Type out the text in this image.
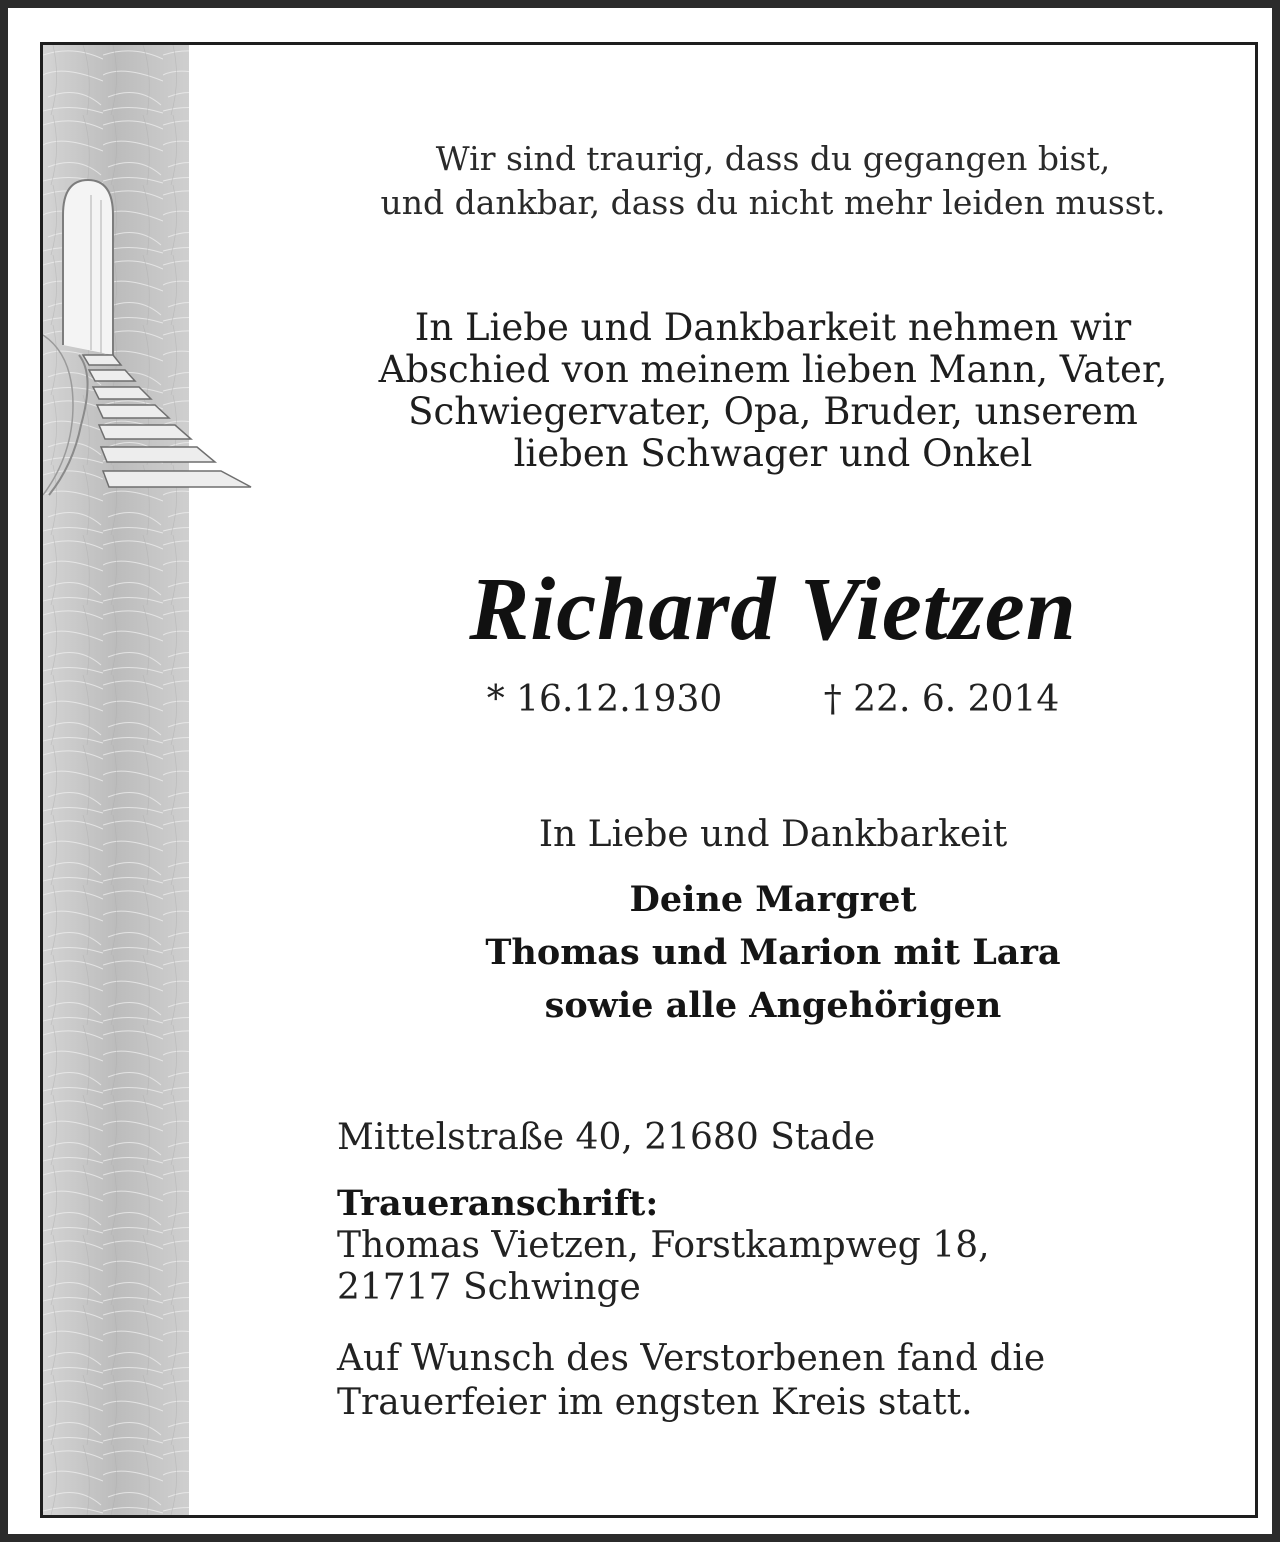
Wir sind traurig, dass du gegangen bist,
und dankbar, dass du nicht mehr leiden musst.
In Liebe und Dankbarkeit nehmen wir
Abschied von meinem lieben Mann, Vater,
Schwiegervater, Opa, Bruder, unserem
lieben Schwager und Onkel
Richard Vietzen
* 16.12.1930	† 22. 6. 2014
In Liebe und Dankbarkeit
Deine Margret
Thomas und Marion mit Lara
sowie alle Angehörigen
Mittelstraße 40, 21680 Stade
Traueranschrift:
Thomas Vietzen, Forstkampweg 18,
21717 Schwinge
Auf Wunsch des Verstorbenen fand die
Trauerfeier im engsten Kreis statt.
